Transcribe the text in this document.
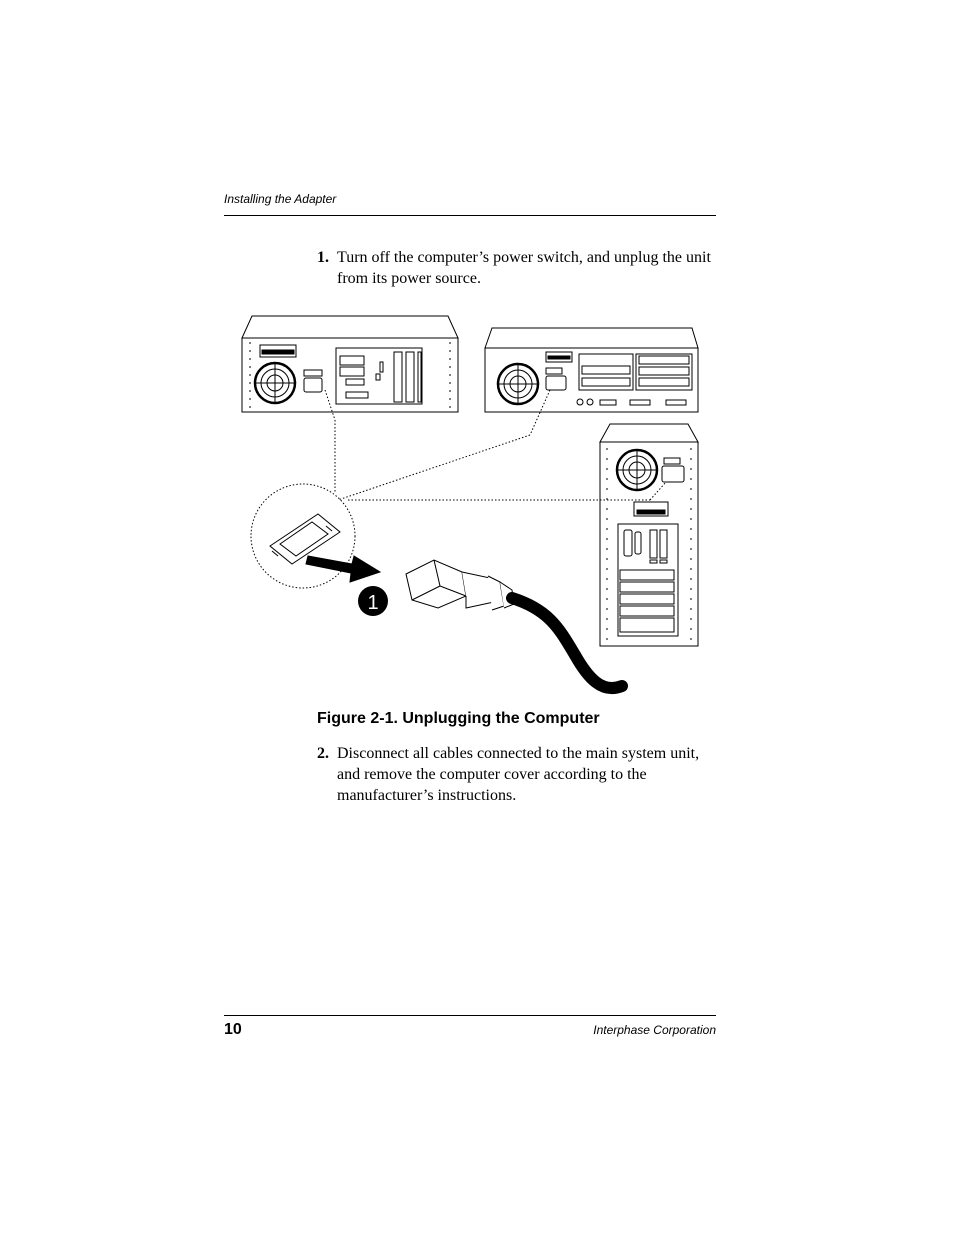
Installing the Adapter
1. Turn off the computer’s power switch, and unplug the unit from its power source.
1
Figure 2-1. Unplugging the Computer
2. Disconnect all cables connected to the main system unit, and remove the computer cover according to the manufacturer’s instructions.
10	Interphase Corporation
